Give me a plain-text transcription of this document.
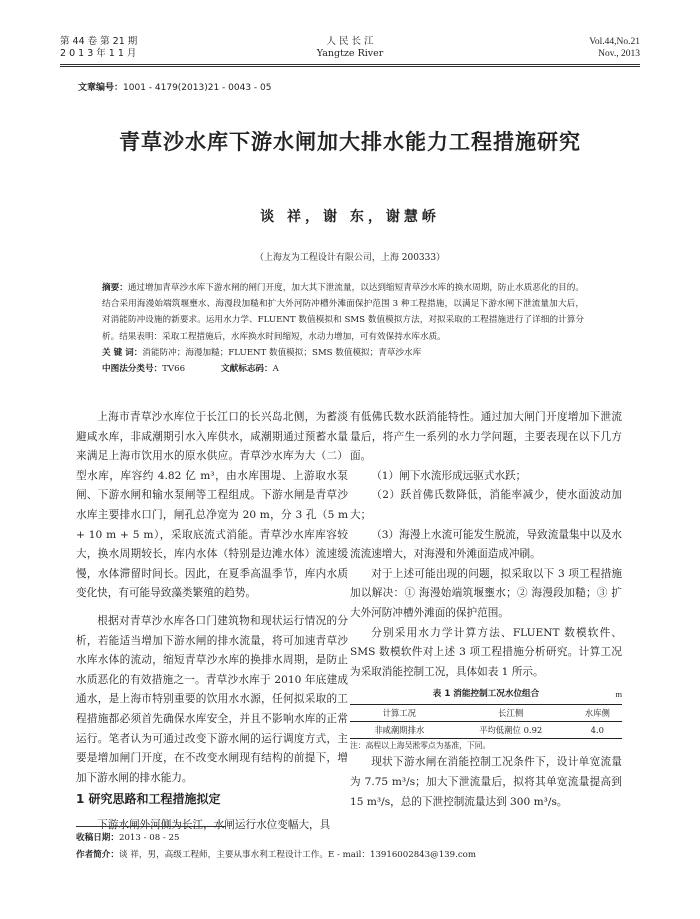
第 44 卷 第 21 期
2 0 1 3 年 1 1 月
人 民 长 江
Yangtze River
Vol.44,No.21
Nov., 2013
文章编号：1001 - 4179(2013)21 - 0043 - 05
青草沙水库下游水闸加大排水能力工程措施研究
谈 祥，谢 东，谢慧峤
（上海友为工程设计有限公司，上海 200333）
摘要：通过增加青草沙水库下游水闸的闸门开度，加大其下泄流量，以达到缩短青草沙水库的换水周期，防止水质恶化的目的。结合采用海漫始端筑堰壅水、海漫段加糙和扩大外河防冲槽外滩面保护范围 3 种工程措施，以满足下游水闸下泄流量加大后，对消能防冲设施的新要求。运用水力学、FLUENT 数值模拟和 SMS 数值模拟方法，对拟采取的工程措施进行了详细的计算分析。结果表明：采取工程措施后，水库换水时间缩短，水动力增加，可有效保持水库水质。
关 键 词：消能防冲；海漫加糙；FLUENT 数值模拟；SMS 数值模拟；青草沙水库
中图法分类号：TV66	文献标志码：A

上海市青草沙水库位于长江口的长兴岛北侧，为蓄淡避咸水库，非咸潮期引水入库供水，咸潮期通过预蓄水量来满足上海市饮用水的原水供应。青草沙水库为大（二）型水库，库容约 4.82 亿 m³，由水库围堤、上游取水泵闸、下游水闸和输水泵闸等工程组成。下游水闸是青草沙水库主要排水口门，闸孔总净宽为 20 m，分 3 孔（5 m + 10 m + 5 m），采取底流式消能。青草沙水库库容较大，换水周期较长，库内水体（特别是边滩水体）流速缓慢，水体滞留时间长。因此，在夏季高温季节，库内水质变化快，有可能导致藻类繁殖的趋势。

根据对青草沙水库各口门建筑物和现状运行情况的分析，若能适当增加下游水闸的排水流量，将可加速青草沙水库水体的流动，缩短青草沙水库的换排水周期，是防止水质恶化的有效措施之一。青草沙水库于 2010 年底建成通水，是上海市特别重要的饮用水水源，任何拟采取的工程措施都必须首先确保水库安全，并且不影响水库的正常运行。笔者认为可通过改变下游水闸的运行调度方式，主要是增加闸门开度，在不改变水闸现有结构的前提下，增加下游水闸的排水能力。

1 研究思路和工程措施拟定

下游水闸外河侧为长江，水闸运行水位变幅大，具

有低佛氏数水跃消能特性。通过加大闸门开度增加下泄流量后，将产生一系列的水力学问题，主要表现在以下几方面。

（1）闸下水流形成远驱式水跃；

（2）跃首佛氏数降低，消能率减少，使水面波动加大；

（3）海漫上水流可能发生脱流，导致流量集中以及水流流速增大，对海漫和外滩面造成冲刷。

对于上述可能出现的问题，拟采取以下 3 项工程措施加以解决：① 海漫始端筑堰壅水；② 海漫段加糙；③ 扩大外河防冲槽外滩面的保护范围。

分别采用水力学计算方法、FLUENT 数模软件、SMS 数模软件对上述 3 项工程措施分析研究。计算工况为采取消能控制工况，具体如表 1 所示。

表 1 消能控制工况水位组合	m
计算工况	长江侧	水库侧
非咸潮期排水	平均低潮位 0.92	4.0

注：高程以上海吴淞零点为基准，下同。

现状下游水闸在消能控制工况条件下，设计单宽流量为 7.75 m³/s；加大下泄流量后，拟将其单宽流量提高到 15 m³/s，总的下泄控制流量达到 300 m³/s。

收稿日期：2013 - 08 - 25
作者简介：谈 祥，男，高级工程师，主要从事水利工程设计工作。E - mail：13916002843@139.com
